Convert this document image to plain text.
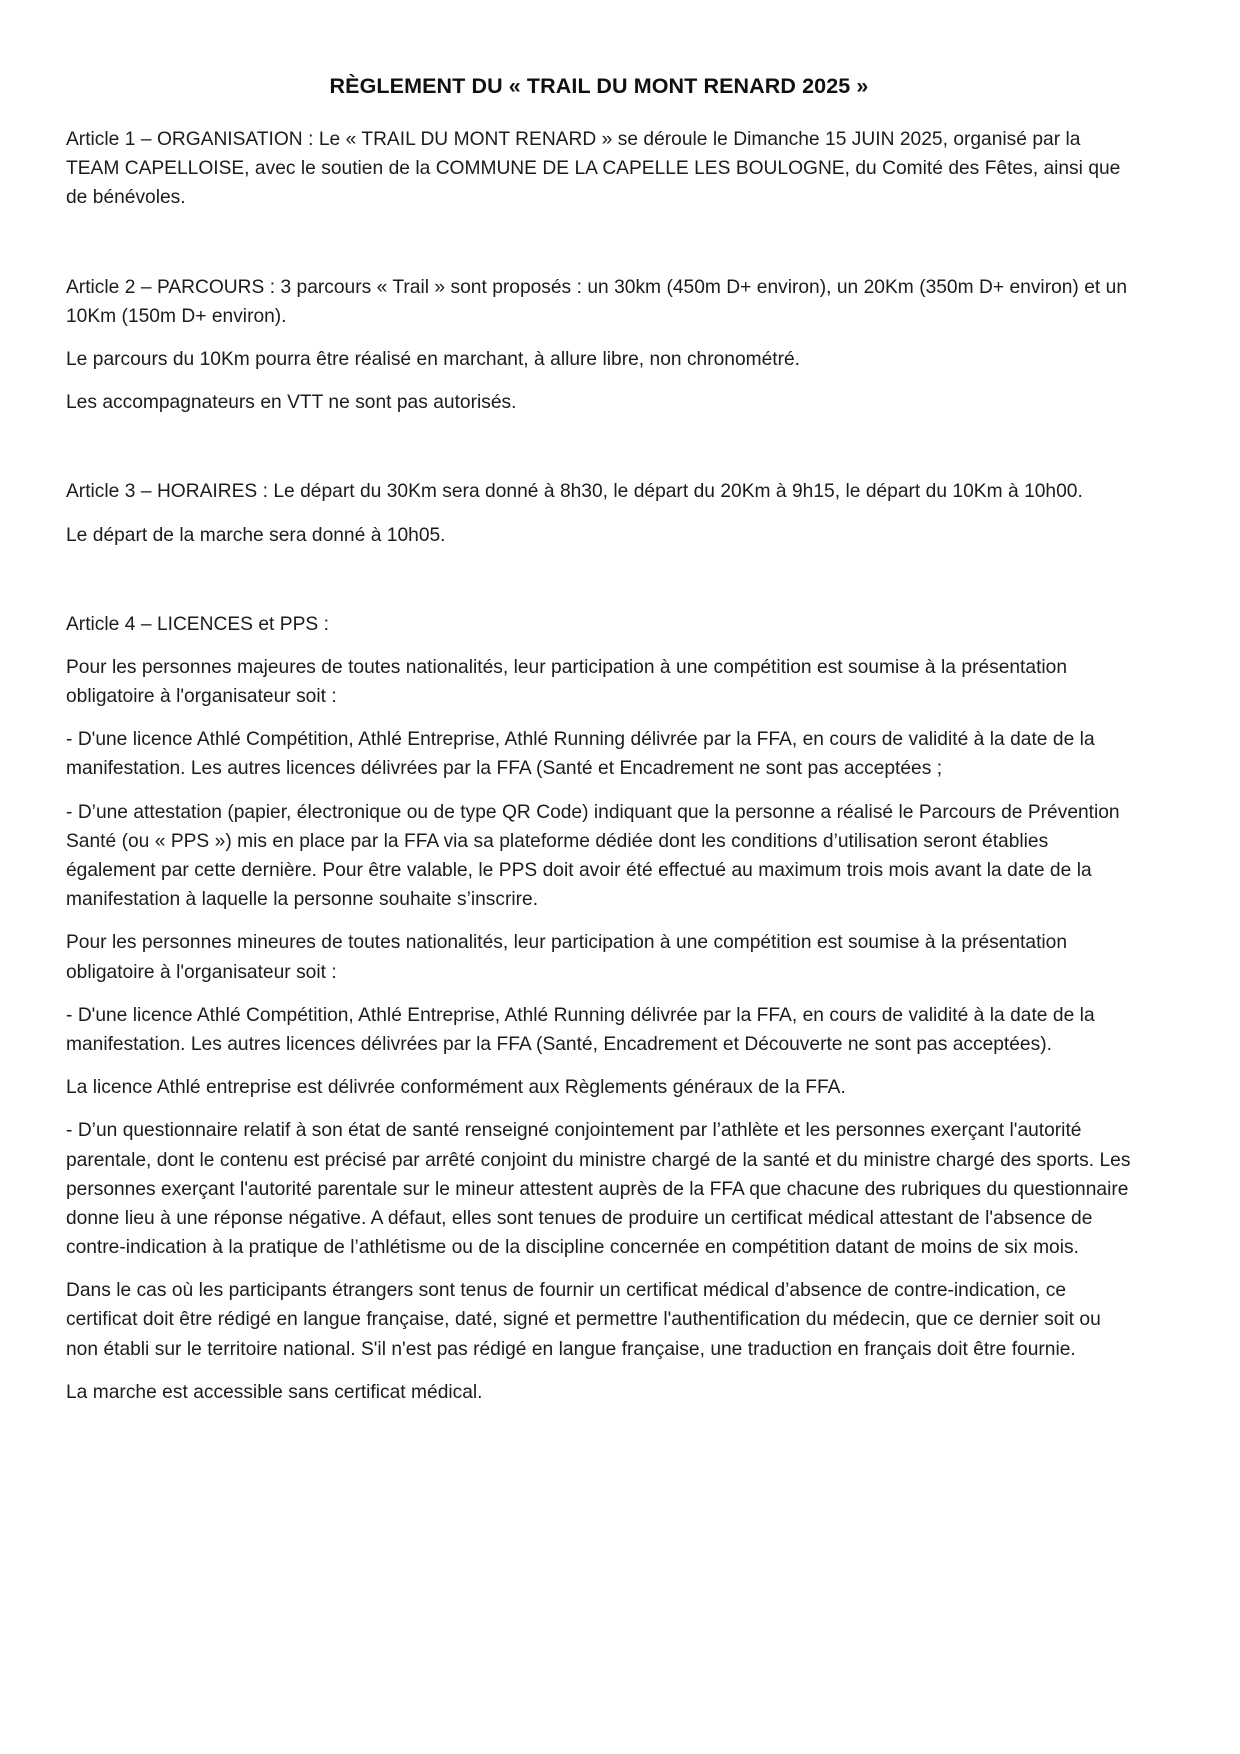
RÈGLEMENT DU « TRAIL DU MONT RENARD 2025 »

Article 1 – ORGANISATION : Le « TRAIL DU MONT RENARD » se déroule le Dimanche 15 JUIN 2025, organisé par la TEAM CAPELLOISE, avec le soutien de la COMMUNE DE LA CAPELLE LES BOULOGNE, du Comité des Fêtes, ainsi que de bénévoles.

Article 2 – PARCOURS : 3 parcours « Trail » sont proposés : un 30km (450m D+ environ), un 20Km (350m D+ environ) et un 10Km (150m D+ environ).

Le parcours du 10Km pourra être réalisé en marchant, à allure libre, non chronométré.

Les accompagnateurs en VTT ne sont pas autorisés.

Article 3 – HORAIRES : Le départ du 30Km sera donné à 8h30, le départ du 20Km à 9h15, le départ du 10Km à 10h00.

Le départ de la marche sera donné à 10h05.

Article 4 – LICENCES et PPS :

Pour les personnes majeures de toutes nationalités, leur participation à une compétition est soumise à la présentation obligatoire à l'organisateur soit :

- D'une licence Athlé Compétition, Athlé Entreprise, Athlé Running délivrée par la FFA, en cours de validité à la date de la manifestation. Les autres licences délivrées par la FFA (Santé et Encadrement ne sont pas acceptées ;

- D’une attestation (papier, électronique ou de type QR Code) indiquant que la personne a réalisé le Parcours de Prévention Santé (ou « PPS ») mis en place par la FFA via sa plateforme dédiée dont les conditions d’utilisation seront établies également par cette dernière. Pour être valable, le PPS doit avoir été effectué au maximum trois mois avant la date de la manifestation à laquelle la personne souhaite s’inscrire.

Pour les personnes mineures de toutes nationalités, leur participation à une compétition est soumise à la présentation obligatoire à l'organisateur soit :

- D'une licence Athlé Compétition, Athlé Entreprise, Athlé Running délivrée par la FFA, en cours de validité à la date de la manifestation. Les autres licences délivrées par la FFA (Santé, Encadrement et Découverte ne sont pas acceptées).

La licence Athlé entreprise est délivrée conformément aux Règlements généraux de la FFA.

- D’un questionnaire relatif à son état de santé renseigné conjointement par l’athlète et les personnes exerçant l'autorité parentale, dont le contenu est précisé par arrêté conjoint du ministre chargé de la santé et du ministre chargé des sports. Les personnes exerçant l'autorité parentale sur le mineur attestent auprès de la FFA que chacune des rubriques du questionnaire donne lieu à une réponse négative. A défaut, elles sont tenues de produire un certificat médical attestant de l'absence de contre-indication à la pratique de l’athlétisme ou de la discipline concernée en compétition datant de moins de six mois.

Dans le cas où les participants étrangers sont tenus de fournir un certificat médical d’absence de contre-indication, ce certificat doit être rédigé en langue française, daté, signé et permettre l'authentification du médecin, que ce dernier soit ou non établi sur le territoire national. S'il n'est pas rédigé en langue française, une traduction en français doit être fournie.

La marche est accessible sans certificat médical.
